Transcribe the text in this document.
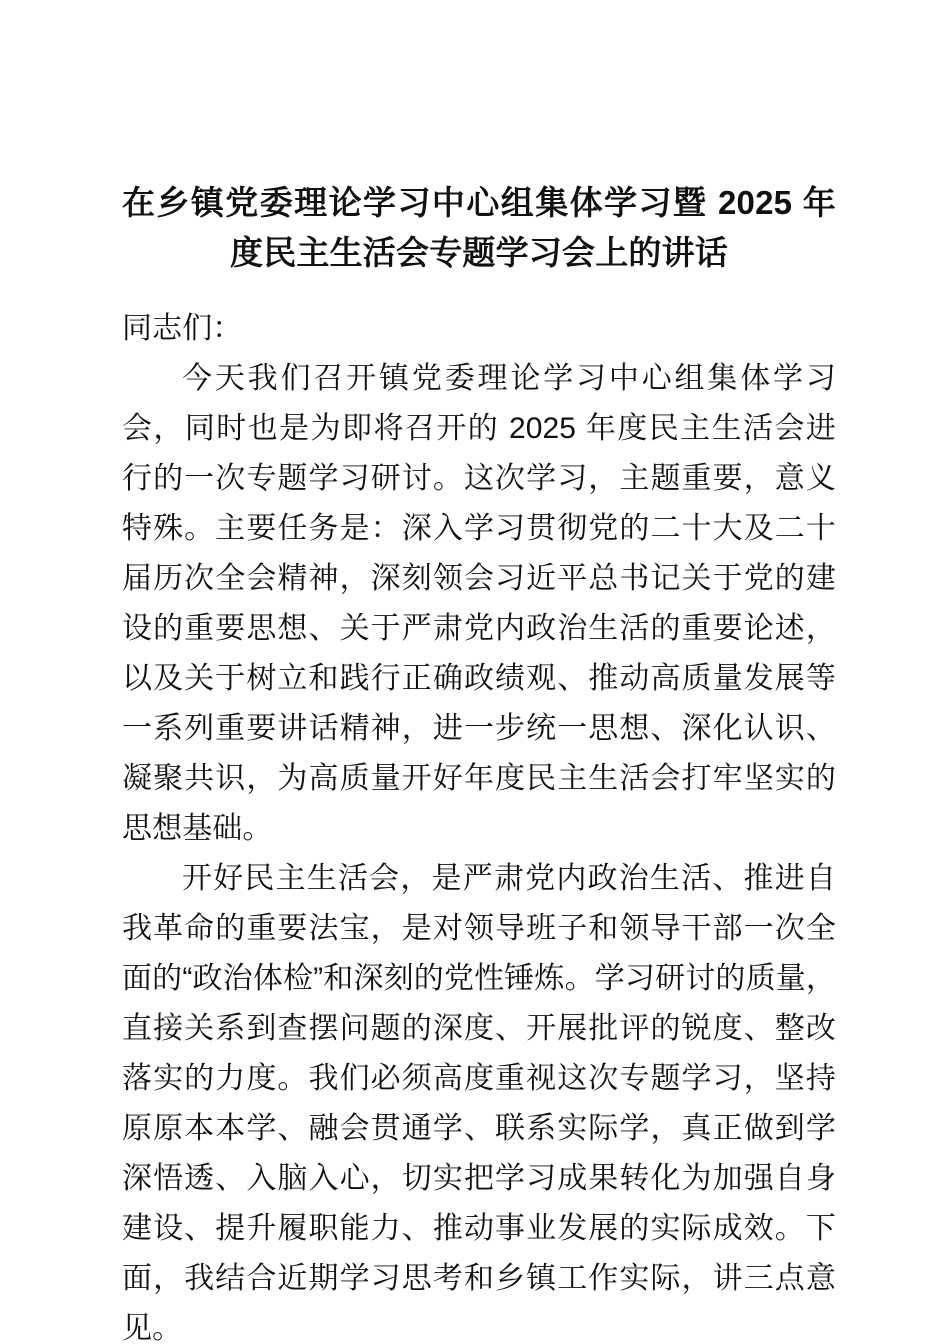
在乡镇党委理论学习中心组集体学习暨 2025 年度民主生活会专题学习会上的讲话

同志们：

今天我们召开镇党委理论学习中心组集体学习会，同时也是为即将召开的 2025 年度民主生活会进行的一次专题学习研讨。这次学习，主题重要，意义特殊。主要任务是：深入学习贯彻党的二十大及二十届历次全会精神，深刻领会习近平总书记关于党的建设的重要思想、关于严肃党内政治生活的重要论述，以及关于树立和践行正确政绩观、推动高质量发展等一系列重要讲话精神，进一步统一思想、深化认识、凝聚共识，为高质量开好年度民主生活会打牢坚实的思想基础。

开好民主生活会，是严肃党内政治生活、推进自我革命的重要法宝，是对领导班子和领导干部一次全面的“政治体检”和深刻的党性锤炼。学习研讨的质量，直接关系到查摆问题的深度、开展批评的锐度、整改落实的力度。我们必须高度重视这次专题学习，坚持原原本本学、融会贯通学、联系实际学，真正做到学深悟透、入脑入心，切实把学习成果转化为加强自身建设、提升履职能力、推动事业发展的实际成效。下面，我结合近期学习思考和乡镇工作实际，讲三点意见。
